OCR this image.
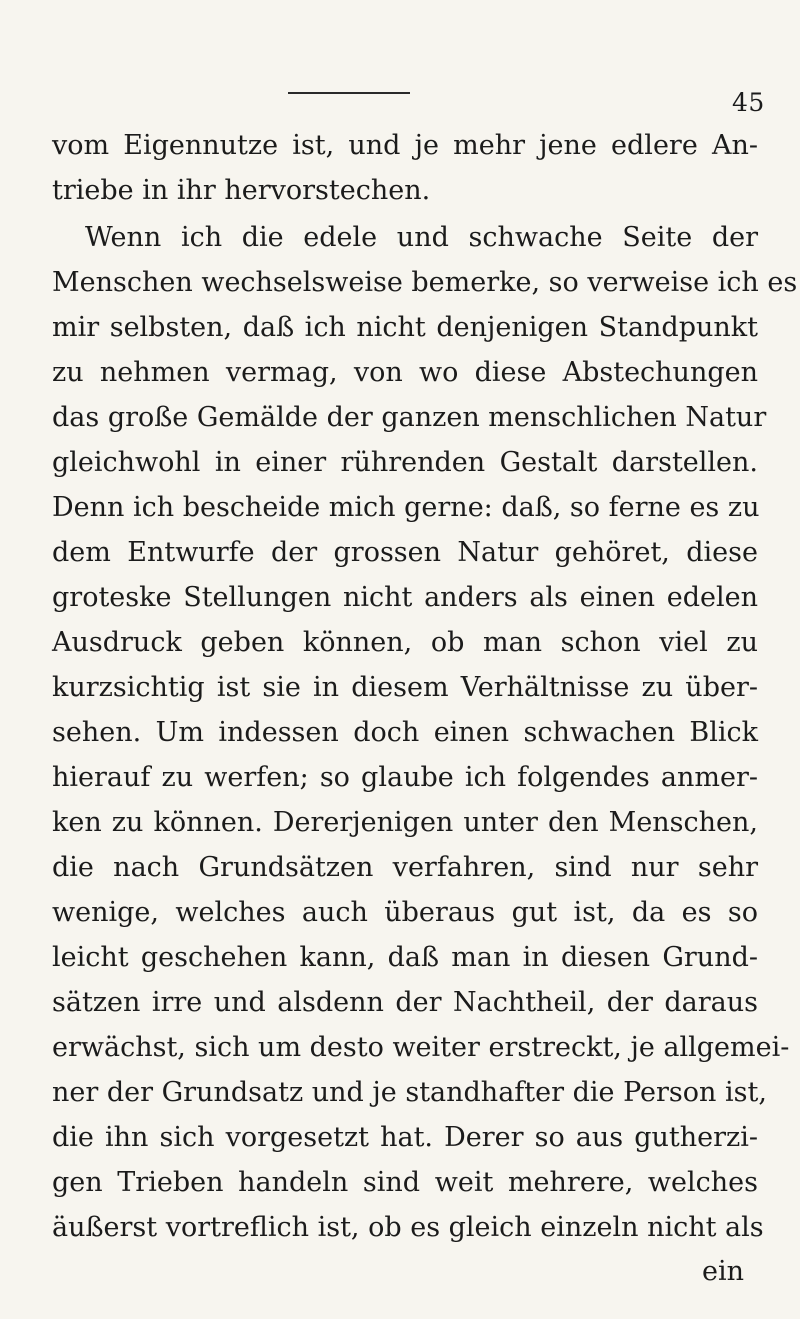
45
vom Eigennutze ist, und je mehr jene edlere An-
triebe in ihr hervorstechen.
Wenn ich die edele und schwache Seite der
Menschen wechselsweise bemerke, so verweise ich es
mir selbsten, daß ich nicht denjenigen Standpunkt
zu nehmen vermag, von wo diese Abstechungen
das große Gemälde der ganzen menschlichen Natur
gleichwohl in einer rührenden Gestalt darstellen.
Denn ich bescheide mich gerne: daß, so ferne es zu
dem Entwurfe der grossen Natur gehöret, diese
groteske Stellungen nicht anders als einen edelen
Ausdruck geben können, ob man schon viel zu
kurzsichtig ist sie in diesem Verhältnisse zu über-
sehen. Um indessen doch einen schwachen Blick
hierauf zu werfen; so glaube ich folgendes anmer-
ken zu können. Dererjenigen unter den Menschen,
die nach Grundsätzen verfahren, sind nur sehr
wenige, welches auch überaus gut ist, da es so
leicht geschehen kann, daß man in diesen Grund-
sätzen irre und alsdenn der Nachtheil, der daraus
erwächst, sich um desto weiter erstreckt, je allgemei-
ner der Grundsatz und je standhafter die Person ist,
die ihn sich vorgesetzt hat. Derer so aus gutherzi-
gen Trieben handeln sind weit mehrere, welches
äußerst vortreflich ist, ob es gleich einzeln nicht als
ein
